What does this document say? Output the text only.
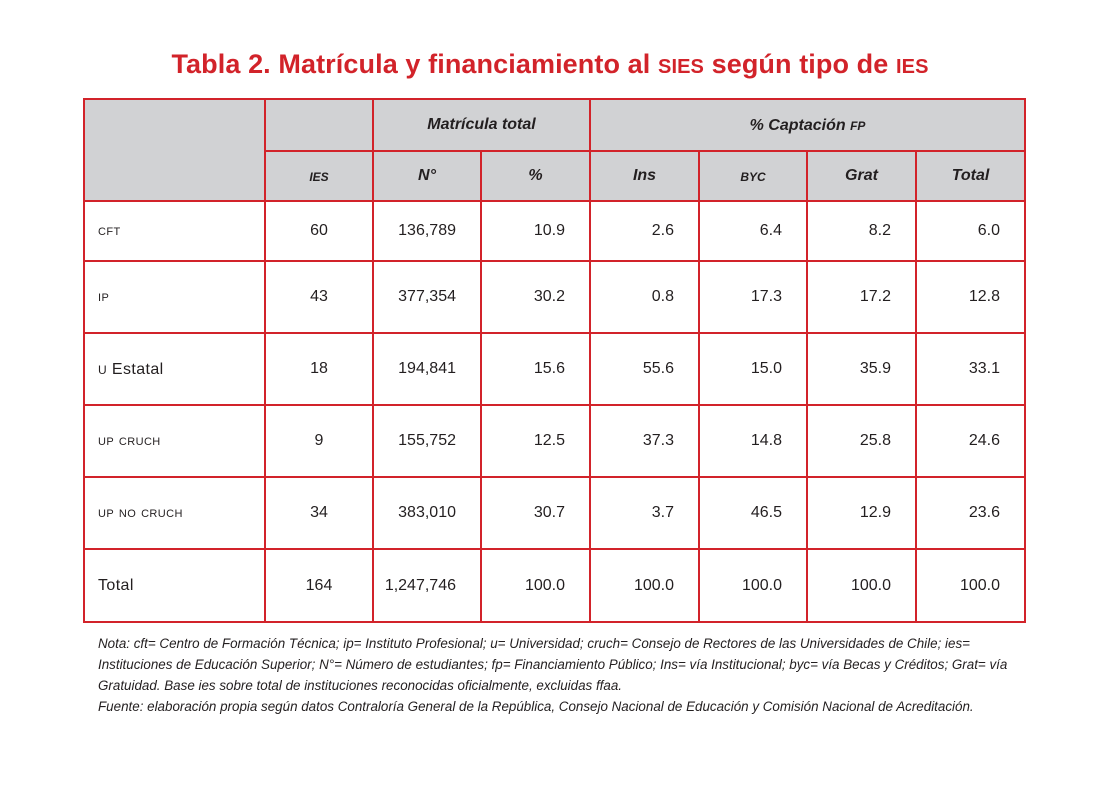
Tabla 2. Matrícula y financiamiento al sies según tipo de ies
		Matrícula total		% Captación fp			
	ies	N°	%	Ins	byc	Grat	Total
cft	60	136,789	10.9	2.6	6.4	8.2	6.0
ip	43	377,354	30.2	0.8	17.3	17.2	12.8
u Estatal	18	194,841	15.6	55.6	15.0	35.9	33.1
up cruch	9	155,752	12.5	37.3	14.8	25.8	24.6
up no cruch	34	383,010	30.7	3.7	46.5	12.9	23.6
Total	164	1,247,746	100.0	100.0	100.0	100.0	100.0

Nota: cft= Centro de Formación Técnica; ip= Instituto Profesional; u= Universidad; cruch= Consejo de Rectores de las Universidades de Chile; ies= Instituciones de Educación Superior; N°= Número de estudiantes; fp= Financiamiento Público; Ins= vía Institucional; byc= vía Becas y Créditos; Grat= vía Gratuidad. Base ies sobre total de instituciones reconocidas oficialmente, excluidas ffaa.

Fuente: elaboración propia según datos Contraloría General de la República, Consejo Nacional de Educación y Comisión Nacional de Acreditación.
